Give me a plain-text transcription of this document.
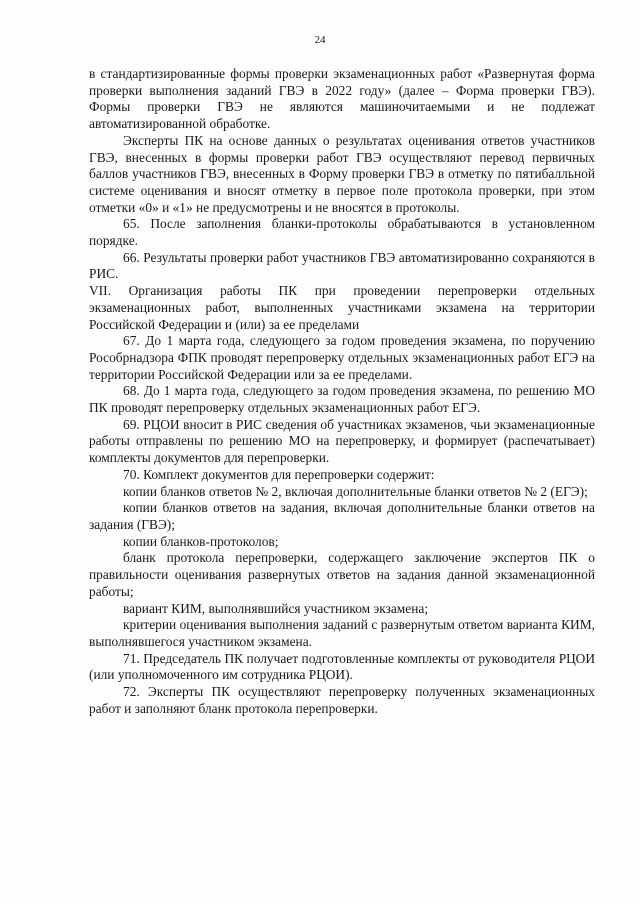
24

в стандартизированные формы проверки экзаменационных работ «Развернутая форма проверки выполнения заданий ГВЭ в 2022 году» (далее – Форма проверки ГВЭ). Формы проверки ГВЭ не являются машиночитаемыми и не подлежат автоматизированной обработке.

Эксперты ПК на основе данных о результатах оценивания ответов участников ГВЭ, внесенных в формы проверки работ ГВЭ осуществляют перевод первичных баллов участников ГВЭ, внесенных в Форму проверки ГВЭ в отметку по пятибалльной системе оценивания и вносят отметку в первое поле протокола проверки, при этом отметки «0» и «1» не предусмотрены и не вносятся в протоколы.

65. После заполнения бланки-протоколы обрабатываются в установленном порядке.

66. Результаты проверки работ участников ГВЭ автоматизированно сохраняются в РИС.

VII. Организация работы ПК при проведении перепроверки отдельных экзаменационных работ, выполненных участниками экзамена на территории Российской Федерации и (или) за ее пределами

67. До 1 марта года, следующего за годом проведения экзамена, по поручению Рособрнадзора ФПК проводят перепроверку отдельных экзаменационных работ ЕГЭ на территории Российской Федерации или за ее пределами.

68. До 1 марта года, следующего за годом проведения экзамена, по решению МО ПК проводят перепроверку отдельных экзаменационных работ ЕГЭ.

69. РЦОИ вносит в РИС сведения об участниках экзаменов, чьи экзаменационные работы отправлены по решению МО на перепроверку, и формирует (распечатывает) комплекты документов для перепроверки.

70. Комплект документов для перепроверки содержит:

копии бланков ответов № 2, включая дополнительные бланки ответов № 2 (ЕГЭ);

копии бланков ответов на задания, включая дополнительные бланки ответов на задания (ГВЭ);

копии бланков-протоколов;

бланк протокола перепроверки, содержащего заключение экспертов ПК о правильности оценивания развернутых ответов на задания данной экзаменационной работы;

вариант КИМ, выполнявшийся участником экзамена;

критерии оценивания выполнения заданий с развернутым ответом варианта КИМ, выполнявшегося участником экзамена.

71. Председатель ПК получает подготовленные комплекты от руководителя РЦОИ (или уполномоченного им сотрудника РЦОИ).

72. Эксперты ПК осуществляют перепроверку полученных экзаменационных работ и заполняют бланк протокола перепроверки.
